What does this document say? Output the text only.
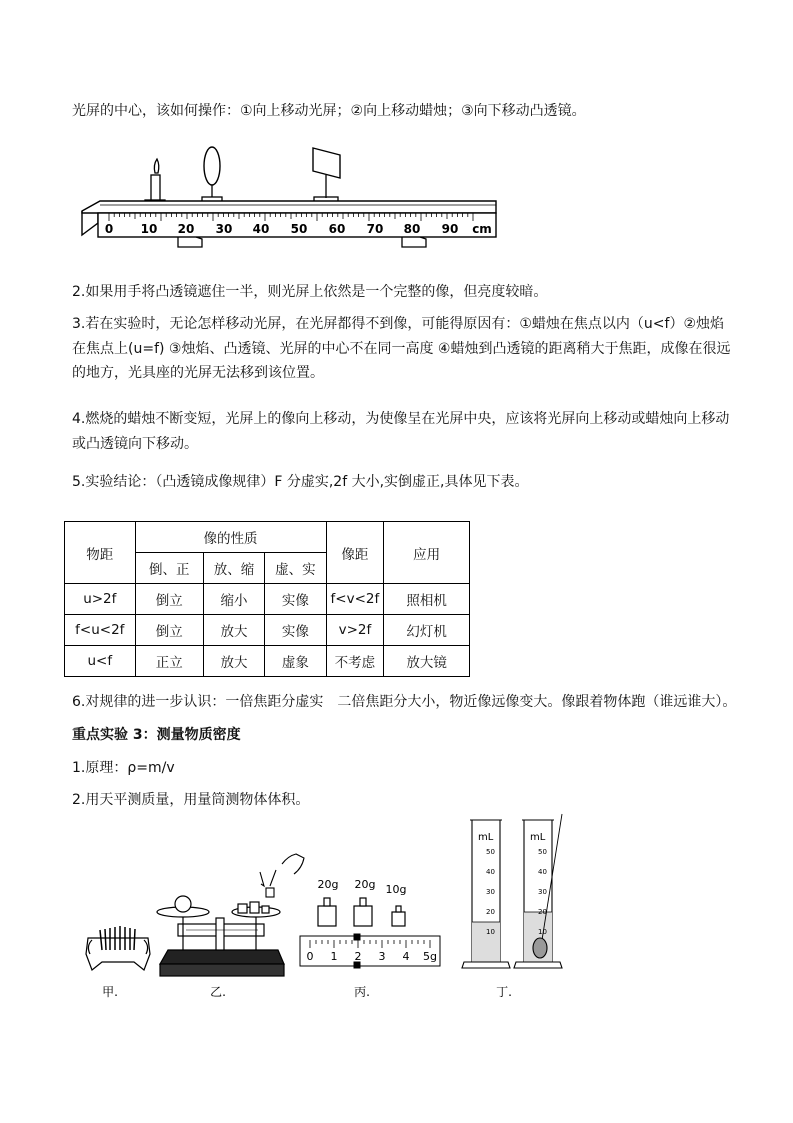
光屏的中心，该如何操作：①向上移动光屏；②向上移动蜡烛；③向下移动凸透镜。
0 10 20 30 40 50 60 70 80 90 cm
2.如果用手将凸透镜遮住一半，则光屏上依然是一个完整的像，但亮度较暗。
3.若在实验时，无论怎样移动光屏，在光屏都得不到像，可能得原因有：①蜡烛在焦点以内（u<f）②烛焰在焦点上(u=f) ③烛焰、凸透镜、光屏的中心不在同一高度 ④蜡烛到凸透镜的距离稍大于焦距，成像在很远的地方，光具座的光屏无法移到该位置。
4.燃烧的蜡烛不断变短，光屏上的像向上移动，为使像呈在光屏中央，应该将光屏向上移动或蜡烛向上移动或凸透镜向下移动。
5.实验结论：（凸透镜成像规律）F 分虚实,2f 大小,实倒虚正,具体见下表。
物距	像的性质			像距	应用
	倒、正	放、缩	虚、实		
u>2f	倒立	缩小	实像	f<v<2f	照相机
f<u<2f	倒立	放大	实像	v>2f	幻灯机
u<f	正立	放大	虚象	不考虑	放大镜
6.对规律的进一步认识：一倍焦距分虚实　二倍焦距分大小，物近像远像变大。像跟着物体跑（谁远谁大）。
重点实验 3：测量物质密度
1.原理：ρ=m/v
2.用天平测质量，用量筒测物体体积。
甲.	乙.
20g 20g 10g
0 1 2 3 4 5g
丙.
mL
50
40
30
20
10
mL
50
40
30
20
10
丁.
